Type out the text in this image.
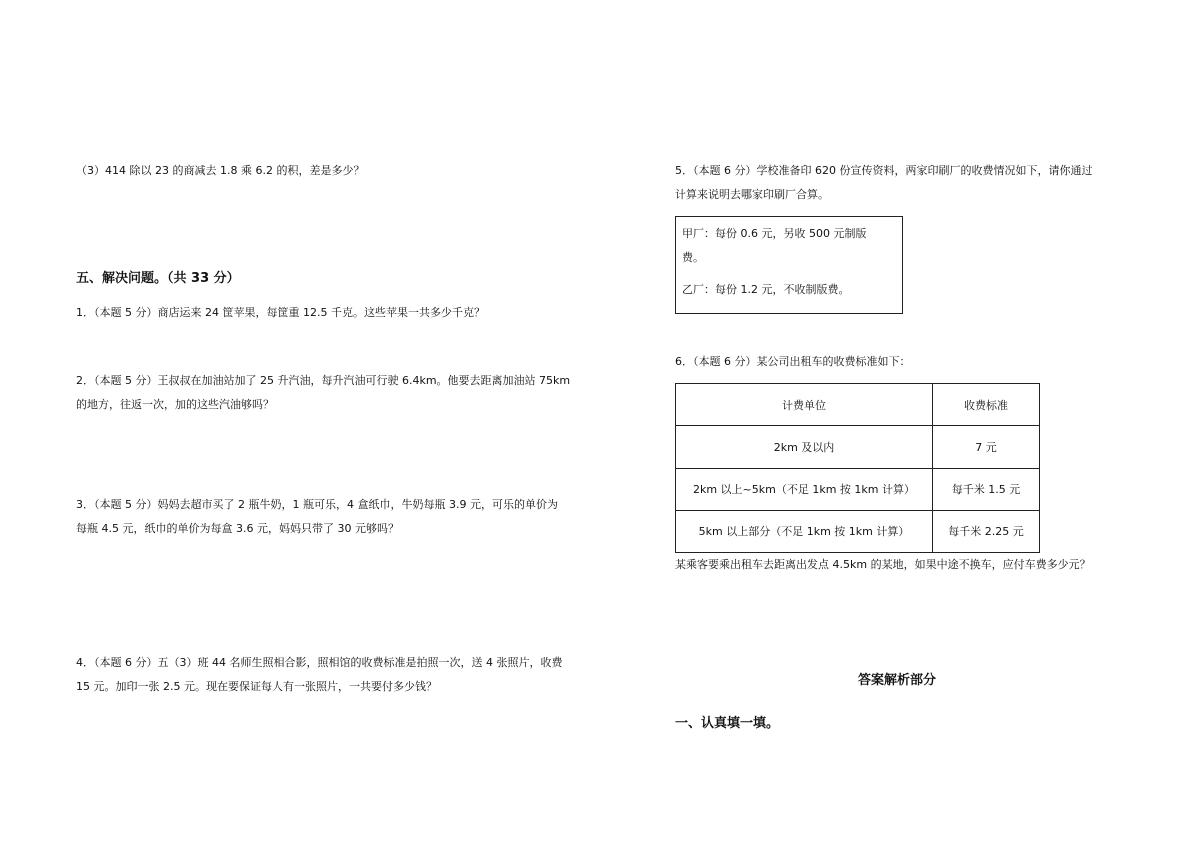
（3）414 除以 23 的商减去 1.8 乘 6.2 的积，差是多少？
五、解决问题。（共 33 分）
1．（本题 5 分）商店运来 24 筐苹果，每筐重 12.5 千克。这些苹果一共多少千克？
2．（本题 5 分）王叔叔在加油站加了 25 升汽油，每升汽油可行驶 6.4km。他要去距离加油站 75km
的地方，往返一次，加的这些汽油够吗？
3．（本题 5 分）妈妈去超市买了 2 瓶牛奶，1 瓶可乐，4 盒纸巾，牛奶每瓶 3.9 元，可乐的单价为
每瓶 4.5 元，纸巾的单价为每盒 3.6 元，妈妈只带了 30 元够吗？
4．（本题 6 分）五（3）班 44 名师生照相合影，照相馆的收费标准是拍照一次，送 4 张照片，收费
15 元。加印一张 2.5 元。现在要保证每人有一张照片，一共要付多少钱？
5．（本题 6 分）学校准备印 620 份宣传资料，两家印刷厂的收费情况如下，请你通过
计算来说明去哪家印刷厂合算。
甲厂：每份 0.6 元，另收 500 元制版
费。
乙厂：每份 1.2 元，不收制版费。
6．（本题 6 分）某公司出租车的收费标准如下：
计费单位	收费标准
2km 及以内	7 元
2km 以上~5km（不足 1km 按 1km 计算）	每千米 1.5 元
5km 以上部分（不足 1km 按 1km 计算）	每千米 2.25 元
某乘客要乘出租车去距离出发点 4.5km 的某地，如果中途不换车，应付车费多少元？
答案解析部分
一、认真填一填。
